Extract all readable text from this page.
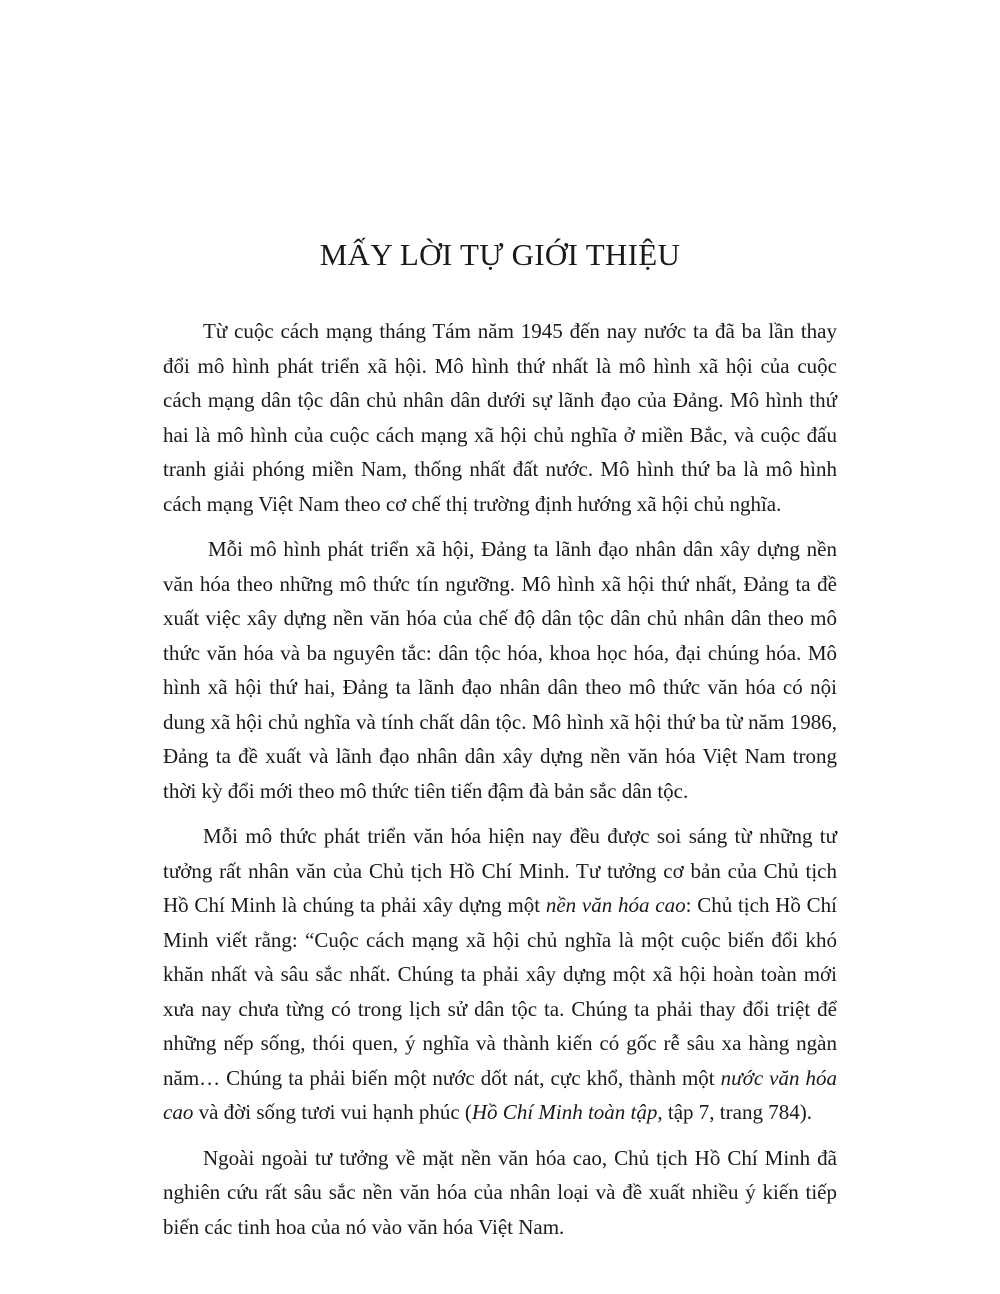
MẤY LỜI TỰ GIỚI THIỆU

Từ cuộc cách mạng tháng Tám năm 1945 đến nay nước ta đã ba lần thay đổi mô hình phát triển xã hội. Mô hình thứ nhất là mô hình xã hội của cuộc cách mạng dân tộc dân chủ nhân dân dưới sự lãnh đạo của Đảng. Mô hình thứ hai là mô hình của cuộc cách mạng xã hội chủ nghĩa ở miền Bắc, và cuộc đấu tranh giải phóng miền Nam, thống nhất đất nước. Mô hình thứ ba là mô hình cách mạng Việt Nam theo cơ chế thị trường định hướng xã hội chủ nghĩa.

Mỗi mô hình phát triển xã hội, Đảng ta lãnh đạo nhân dân xây dựng nền văn hóa theo những mô thức tín ngưỡng. Mô hình xã hội thứ nhất, Đảng ta đề xuất việc xây dựng nền văn hóa của chế độ dân tộc dân chủ nhân dân theo mô thức văn hóa và ba nguyên tắc: dân tộc hóa, khoa học hóa, đại chúng hóa. Mô hình xã hội thứ hai, Đảng ta lãnh đạo nhân dân theo mô thức văn hóa có nội dung xã hội chủ nghĩa và tính chất dân tộc. Mô hình xã hội thứ ba từ năm 1986, Đảng ta đề xuất và lãnh đạo nhân dân xây dựng nền văn hóa Việt Nam trong thời kỳ đổi mới theo mô thức tiên tiến đậm đà bản sắc dân tộc.

Mỗi mô thức phát triển văn hóa hiện nay đều được soi sáng từ những tư tưởng rất nhân văn của Chủ tịch Hồ Chí Minh. Tư tưởng cơ bản của Chủ tịch Hồ Chí Minh là chúng ta phải xây dựng một nền văn hóa cao: Chủ tịch Hồ Chí Minh viết rằng: “Cuộc cách mạng xã hội chủ nghĩa là một cuộc biến đổi khó khăn nhất và sâu sắc nhất. Chúng ta phải xây dựng một xã hội hoàn toàn mới xưa nay chưa từng có trong lịch sử dân tộc ta. Chúng ta phải thay đổi triệt để những nếp sống, thói quen, ý nghĩa và thành kiến có gốc rễ sâu xa hàng ngàn năm… Chúng ta phải biến một nước dốt nát, cực khổ, thành một nước văn hóa cao và đời sống tươi vui hạnh phúc (Hồ Chí Minh toàn tập, tập 7, trang 784).

Ngoài ngoài tư tưởng về mặt nền văn hóa cao, Chủ tịch Hồ Chí Minh đã nghiên cứu rất sâu sắc nền văn hóa của nhân loại và đề xuất nhiều ý kiến tiếp biến các tinh hoa của nó vào văn hóa Việt Nam.
